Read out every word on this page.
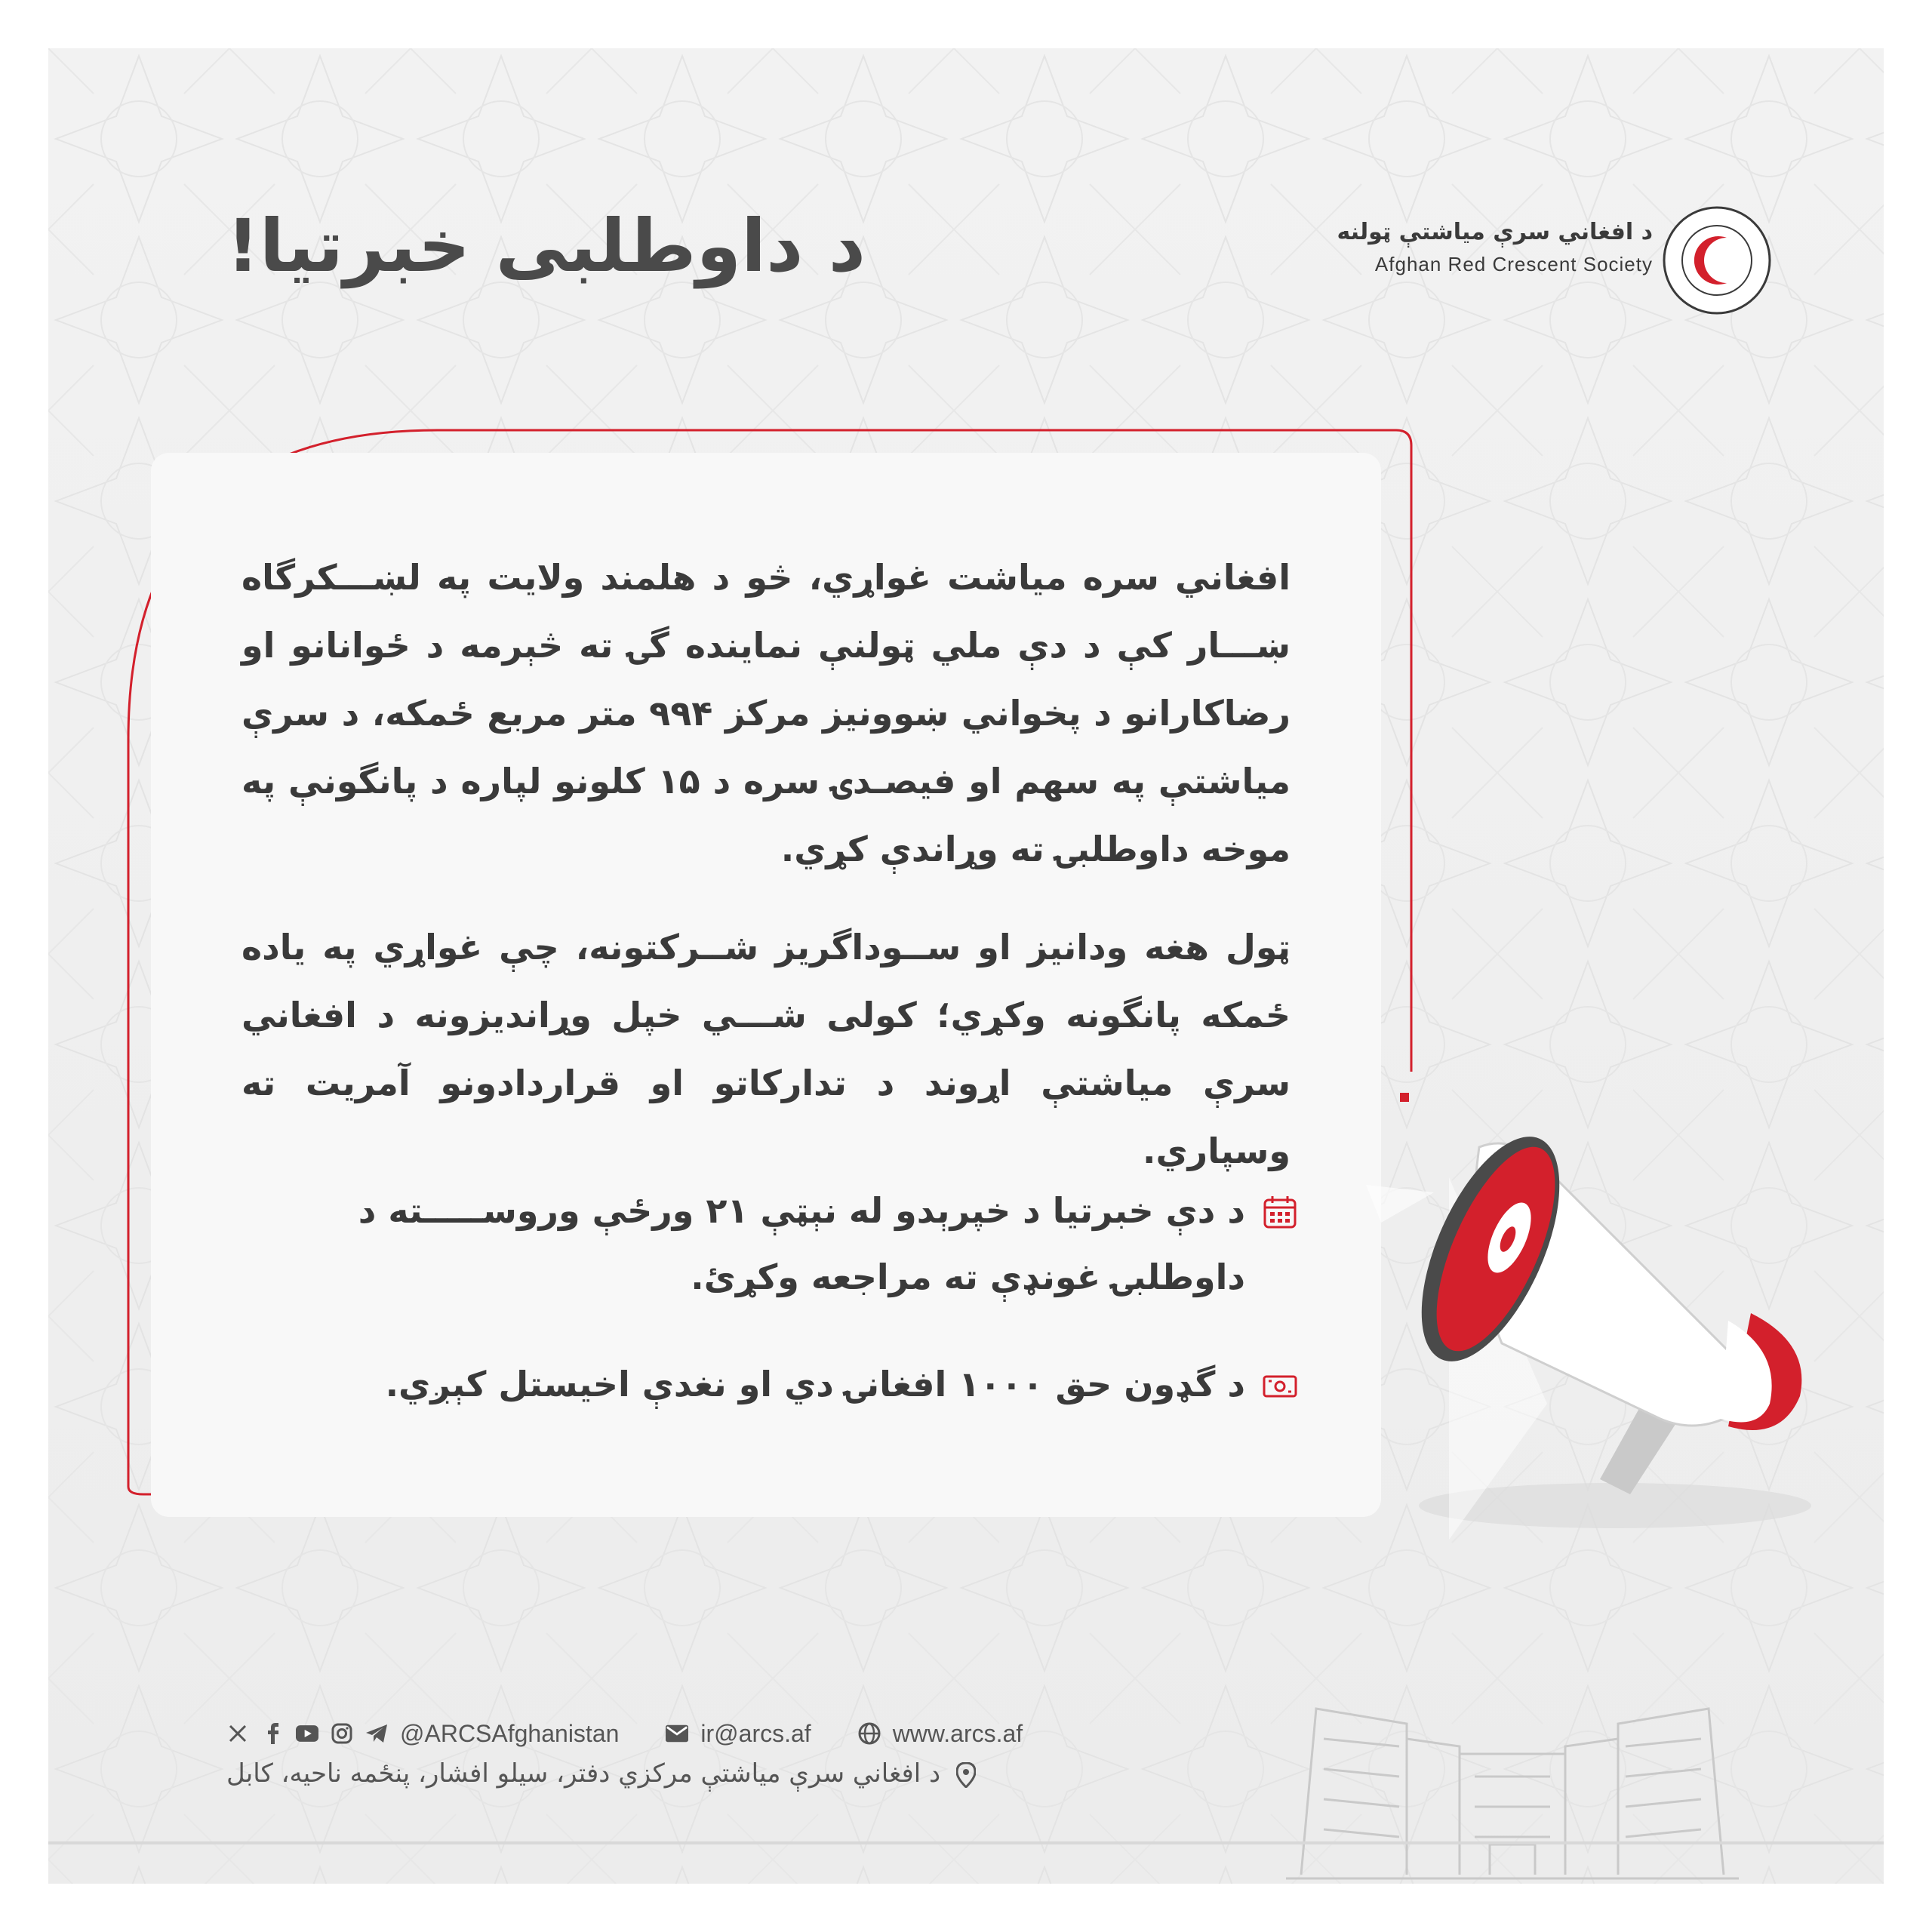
د داوطلبی خبرتیا!	د افغاني سرې میاشتې ټولنه
Afghan Red Crescent Society

افغاني سره میاشت غواړي، څو د هلمند ولایت په لښـــکرگاه ښـــار کې د دې ملي ټولنې نماینده گۍ ته څېرمه د ځوانانو او رضاکارانو د پخواني ښوونیز مرکز ۹۹۴ متر مربع ځمکه، د سرې میاشتې په سهم او فیصـدۍ سره د ۱۵ کلونو لپاره د پانگونې په موخه داوطلبۍ ته وړاندې کړي.

ټول هغه ودانیز او ســوداگریز شــرکتونه، چې غواړي په یاده ځمکه پانگونه وکړي؛ کولی شـــي خپل وړاندیزونه د افغاني سرې میاشتې اړوند د تدارکاتو او قراردادونو آمریت ته وسپاري.

د دې خبرتیا د خپرېدو له نېټې ۲۱ ورځې وروســـــته د داوطلبۍ غونډې ته مراجعه وکړئ.
د گډون حق ۱۰۰۰ افغانۍ دي او نغدې اخیستل کېږي.
@ARCSAfghanistan	ir@arcs.af	www.arcs.af
د افغاني سرې میاشتې مرکزي دفتر، سیلو افشار، پنځمه ناحیه، کابل
